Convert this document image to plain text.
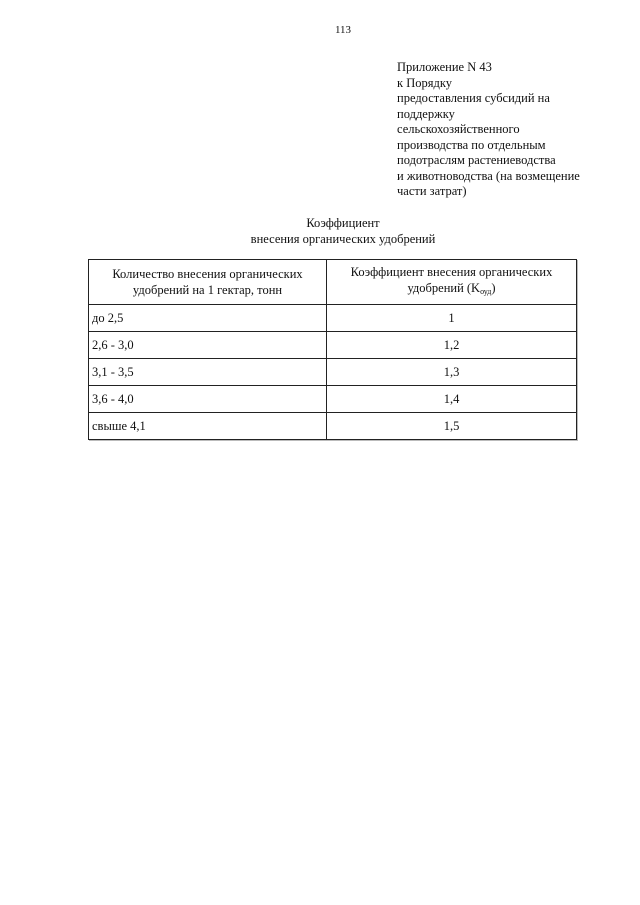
113
Приложение N 43
к Порядку
предоставления субсидий на
поддержку
сельскохозяйственного
производства по отдельным
подотраслям растениеводства
и животноводства (на возмещение
части затрат)
Коэффициент
внесения органических удобрений
Количество внесения органических
удобрений на 1 гектар, тонн	Коэффициент внесения органических
удобрений $(K_{оуд})$
до 2,5	1
2,6 - 3,0	1,2
3,1 - 3,5	1,3
3,6 - 4,0	1,4
свыше 4,1	1,5
